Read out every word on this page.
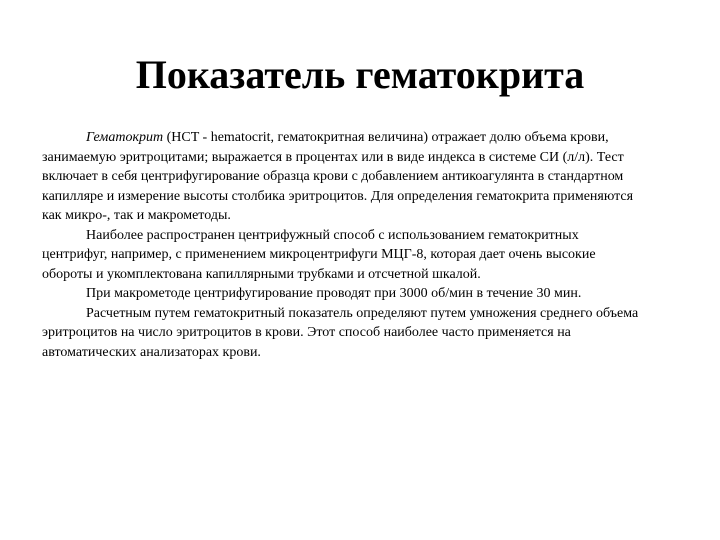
Показатель гематокрита

Гематокрит (HCT - hematocrit, гематокритная величина) отражает долю объема крови, занимаемую эритроцитами; выражается в процентах или в виде индекса в системе СИ (л/л). Тест включает в себя центрифугирование образца крови с добавлением антикоагулянта в стандартном капилляре и измерение высоты столбика эритроцитов. Для определения гематокрита применяются как микро-, так и макрометоды.

Наиболее распространен центрифужный способ с использованием гематокритных центрифуг, например, с применением микроцентрифуги МЦГ-8, которая дает очень высокие обороты и укомплектована капиллярными трубками и отсчетной шкалой.

При макрометоде центрифугирование проводят при 3000 об/мин в течение 30 мин.

Расчетным путем гематокритный показатель определяют путем умножения среднего объема эритроцитов на число эритроцитов в крови. Этот способ наиболее часто применяется на автоматических анализаторах крови.
